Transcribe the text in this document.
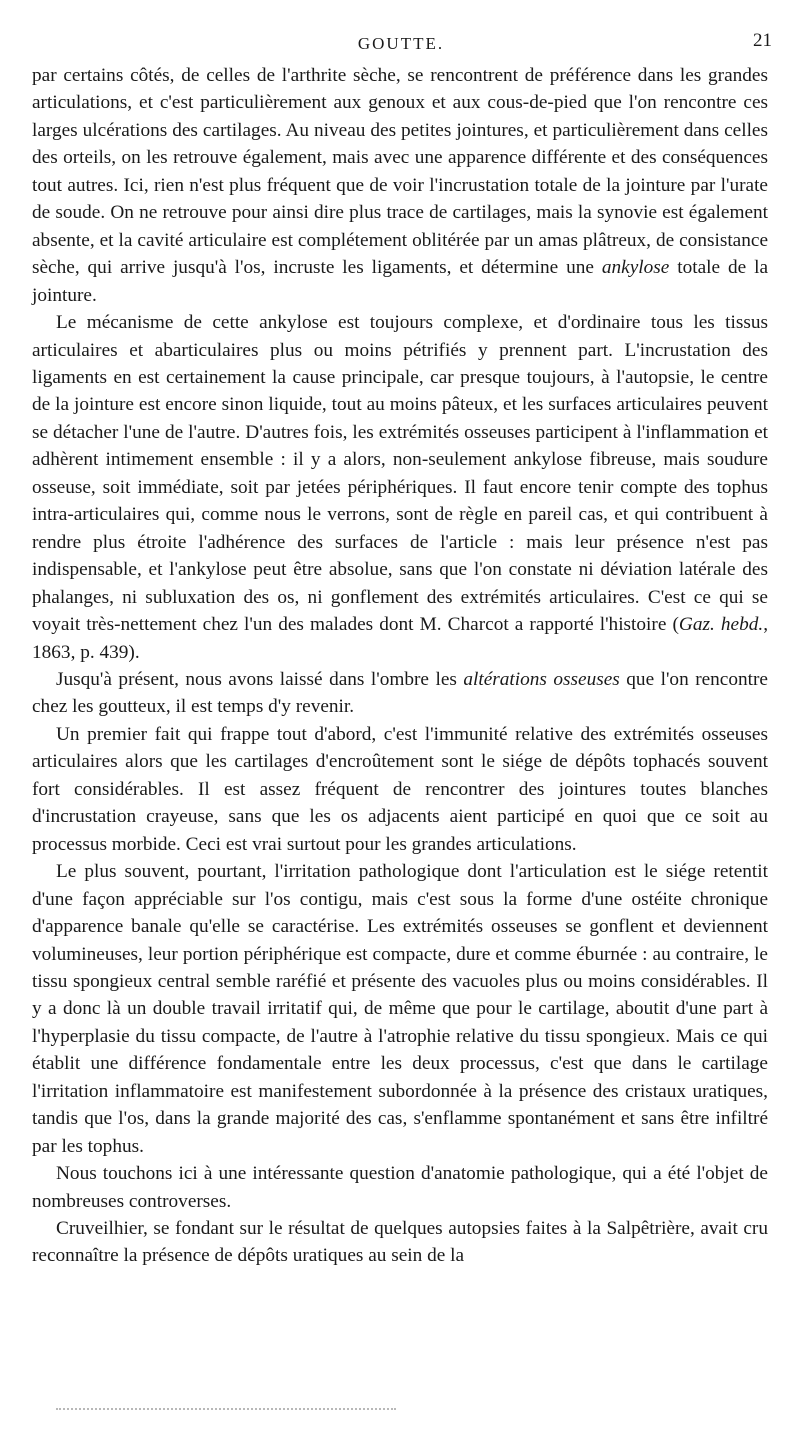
GOUTTE.	21

par certains côtés, de celles de l'arthrite sèche, se rencontrent de préférence dans les grandes articulations, et c'est particulièrement aux genoux et aux cous-de-pied que l'on rencontre ces larges ulcérations des cartilages. Au niveau des petites jointures, et particulièrement dans celles des orteils, on les retrouve également, mais avec une apparence différente et des conséquences tout autres. Ici, rien n'est plus fréquent que de voir l'incrustation totale de la jointure par l'urate de soude. On ne retrouve pour ainsi dire plus trace de cartilages, mais la synovie est également absente, et la cavité articulaire est complétement oblitérée par un amas plâtreux, de consistance sèche, qui arrive jusqu'à l'os, incruste les ligaments, et détermine une ankylose totale de la jointure.

Le mécanisme de cette ankylose est toujours complexe, et d'ordinaire tous les tissus articulaires et abarticulaires plus ou moins pétrifiés y prennent part. L'incrustation des ligaments en est certainement la cause principale, car presque toujours, à l'autopsie, le centre de la jointure est encore sinon liquide, tout au moins pâteux, et les surfaces articulaires peuvent se détacher l'une de l'autre. D'autres fois, les extrémités osseuses participent à l'inflammation et adhèrent intimement ensemble : il y a alors, non-seulement ankylose fibreuse, mais soudure osseuse, soit immédiate, soit par jetées périphériques. Il faut encore tenir compte des tophus intra-articulaires qui, comme nous le verrons, sont de règle en pareil cas, et qui contribuent à rendre plus étroite l'adhérence des surfaces de l'article : mais leur présence n'est pas indispensable, et l'ankylose peut être absolue, sans que l'on constate ni déviation latérale des phalanges, ni subluxation des os, ni gonflement des extrémités articulaires. C'est ce qui se voyait très-nettement chez l'un des malades dont M. Charcot a rapporté l'histoire (Gaz. hebd., 1863, p. 439).

Jusqu'à présent, nous avons laissé dans l'ombre les altérations osseuses que l'on rencontre chez les goutteux, il est temps d'y revenir.

Un premier fait qui frappe tout d'abord, c'est l'immunité relative des extrémités osseuses articulaires alors que les cartilages d'encroûtement sont le siége de dépôts tophacés souvent fort considérables. Il est assez fréquent de rencontrer des jointures toutes blanches d'incrustation crayeuse, sans que les os adjacents aient participé en quoi que ce soit au processus morbide. Ceci est vrai surtout pour les grandes articulations.

Le plus souvent, pourtant, l'irritation pathologique dont l'articulation est le siége retentit d'une façon appréciable sur l'os contigu, mais c'est sous la forme d'une ostéite chronique d'apparence banale qu'elle se caractérise. Les extrémités osseuses se gonflent et deviennent volumineuses, leur portion périphérique est compacte, dure et comme éburnée : au contraire, le tissu spongieux central semble raréfié et présente des vacuoles plus ou moins considérables. Il y a donc là un double travail irritatif qui, de même que pour le cartilage, aboutit d'une part à l'hyperplasie du tissu compacte, de l'autre à l'atrophie relative du tissu spongieux. Mais ce qui établit une différence fondamentale entre les deux processus, c'est que dans le cartilage l'irritation inflammatoire est manifestement subordonnée à la présence des cristaux uratiques, tandis que l'os, dans la grande majorité des cas, s'enflamme spontanément et sans être infiltré par les tophus.

Nous touchons ici à une intéressante question d'anatomie pathologique, qui a été l'objet de nombreuses controverses.

Cruveilhier, se fondant sur le résultat de quelques autopsies faites à la Salpêtrière, avait cru reconnaître la présence de dépôts uratiques au sein de la
